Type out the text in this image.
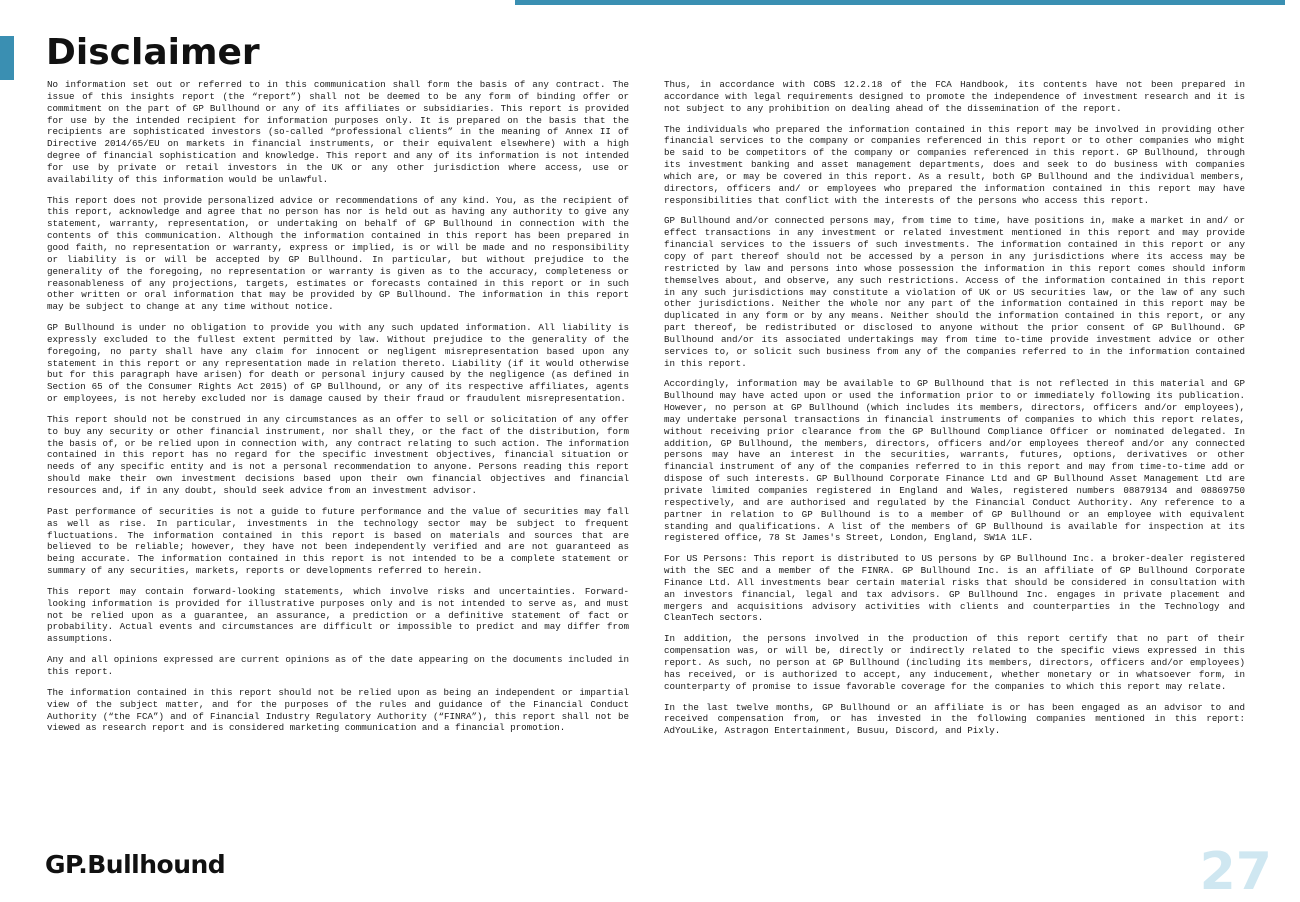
Disclaimer

No information set out or referred to in this communication shall form the basis of any contract. The issue of this insights report (the “report”) shall not be deemed to be any form of binding offer or commitment on the part of GP Bullhound or any of its affiliates or subsidiaries. This report is provided for use by the intended recipient for information purposes only. It is prepared on the basis that the recipients are sophisticated investors (so-called “professional clients” in the meaning of Annex II of Directive 2014/65/EU on markets in financial instruments, or their equivalent elsewhere) with a high degree of financial sophistication and knowledge. This report and any of its information is not intended for use by private or retail investors in the UK or any other jurisdiction where access, use or availability of this information would be unlawful.

This report does not provide personalized advice or recommendations of any kind. You, as the recipient of this report, acknowledge and agree that no person has nor is held out as having any authority to give any statement, warranty, representation, or undertaking on behalf of GP Bullhound in connection with the contents of this communication. Although the information contained in this report has been prepared in good faith, no representation or warranty, express or implied, is or will be made and no responsibility or liability is or will be accepted by GP Bullhound. In particular, but without prejudice to the generality of the foregoing, no representation or warranty is given as to the accuracy, completeness or reasonableness of any projections, targets, estimates or forecasts contained in this report or in such other written or oral information that may be provided by GP Bullhound. The information in this report may be subject to change at any time without notice.

GP Bullhound is under no obligation to provide you with any such updated information. All liability is expressly excluded to the fullest extent permitted by law. Without prejudice to the generality of the foregoing, no party shall have any claim for innocent or negligent misrepresentation based upon any statement in this report or any representation made in relation thereto. Liability (if it would otherwise but for this paragraph have arisen) for death or personal injury caused by the negligence (as defined in Section 65 of the Consumer Rights Act 2015) of GP Bullhound, or any of its respective affiliates, agents or employees, is not hereby excluded nor is damage caused by their fraud or fraudulent misrepresentation.

This report should not be construed in any circumstances as an offer to sell or solicitation of any offer to buy any security or other financial instrument, nor shall they, or the fact of the distribution, form the basis of, or be relied upon in connection with, any contract relating to such action. The information contained in this report has no regard for the specific investment objectives, financial situation or needs of any specific entity and is not a personal recommendation to anyone. Persons reading this report should make their own investment decisions based upon their own financial objectives and financial resources and, if in any doubt, should seek advice from an investment advisor.

Past performance of securities is not a guide to future performance and the value of securities may fall as well as rise. In particular, investments in the technology sector may be subject to frequent fluctuations. The information contained in this report is based on materials and sources that are believed to be reliable; however, they have not been independently verified and are not guaranteed as being accurate. The information contained in this report is not intended to be a complete statement or summary of any securities, markets, reports or developments referred to herein.

This report may contain forward-looking statements, which involve risks and uncertainties. Forward-looking information is provided for illustrative purposes only and is not intended to serve as, and must not be relied upon as a guarantee, an assurance, a prediction or a definitive statement of fact or probability. Actual events and circumstances are difficult or impossible to predict and may differ from assumptions.

Any and all opinions expressed are current opinions as of the date appearing on the documents included in this report.

The information contained in this report should not be relied upon as being an independent or impartial view of the subject matter, and for the purposes of the rules and guidance of the Financial Conduct Authority (“the FCA”) and of Financial Industry Regulatory Authority (“FINRA”), this report shall not be viewed as research report and is considered marketing communication and a financial promotion.

Thus, in accordance with COBS 12.2.18 of the FCA Handbook, its contents have not been prepared in accordance with legal requirements designed to promote the independence of investment research and it is not subject to any prohibition on dealing ahead of the dissemination of the report.

The individuals who prepared the information contained in this report may be involved in providing other financial services to the company or companies referenced in this report or to other companies who might be said to be competitors of the company or companies referenced in this report. GP Bullhound, through its investment banking and asset management departments, does and seek to do business with companies which are, or may be covered in this report. As a result, both GP Bullhound and the individual members, directors, officers and/ or employees who prepared the information contained in this report may have responsibilities that conflict with the interests of the persons who access this report.

GP Bullhound and/or connected persons may, from time to time, have positions in, make a market in and/ or effect transactions in any investment or related investment mentioned in this report and may provide financial services to the issuers of such investments. The information contained in this report or any copy of part thereof should not be accessed by a person in any jurisdictions where its access may be restricted by law and persons into whose possession the information in this report comes should inform themselves about, and observe, any such restrictions. Access of the information contained in this report in any such jurisdictions may constitute a violation of UK or US securities law, or the law of any such other jurisdictions. Neither the whole nor any part of the information contained in this report may be duplicated in any form or by any means. Neither should the information contained in this report, or any part thereof, be redistributed or disclosed to anyone without the prior consent of GP Bullhound. GP Bullhound and/or its associated undertakings may from time to-time provide investment advice or other services to, or solicit such business from any of the companies referred to in the information contained in this report.

Accordingly, information may be available to GP Bullhound that is not reflected in this material and GP Bullhound may have acted upon or used the information prior to or immediately following its publication. However, no person at GP Bullhound (which includes its members, directors, officers and/or employees), may undertake personal transactions in financial instruments of companies to which this report relates, without receiving prior clearance from the GP Bullhound Compliance Officer or nominated delegated. In addition, GP Bullhound, the members, directors, officers and/or employees thereof and/or any connected persons may have an interest in the securities, warrants, futures, options, derivatives or other financial instrument of any of the companies referred to in this report and may from time-to-time add or dispose of such interests. GP Bullhound Corporate Finance Ltd and GP Bullhound Asset Management Ltd are private limited companies registered in England and Wales, registered numbers 08879134 and 08869750 respectively, and are authorised and regulated by the Financial Conduct Authority. Any reference to a partner in relation to GP Bullhound is to a member of GP Bullhound or an employee with equivalent standing and qualifications. A list of the members of GP Bullhound is available for inspection at its registered office, 78 St James's Street, London, England, SW1A 1LF.

For US Persons: This report is distributed to US persons by GP Bullhound Inc. a broker-dealer registered with the SEC and a member of the FINRA. GP Bullhound Inc. is an affiliate of GP Bullhound Corporate Finance Ltd. All investments bear certain material risks that should be considered in consultation with an investors financial, legal and tax advisors. GP Bullhound Inc. engages in private placement and mergers and acquisitions advisory activities with clients and counterparties in the Technology and CleanTech sectors.

In addition, the persons involved in the production of this report certify that no part of their compensation was, or will be, directly or indirectly related to the specific views expressed in this report. As such, no person at GP Bullhound (including its members, directors, officers and/or employees) has received, or is authorized to accept, any inducement, whether monetary or in whatsoever form, in counterparty of promise to issue favorable coverage for the companies to which this report may relate.

In the last twelve months, GP Bullhound or an affiliate is or has been engaged as an advisor to and received compensation from, or has invested in the following companies mentioned in this report: AdYouLike, Astragon Entertainment, Busuu, Discord, and Pixly.

GP.Bullhound	27
